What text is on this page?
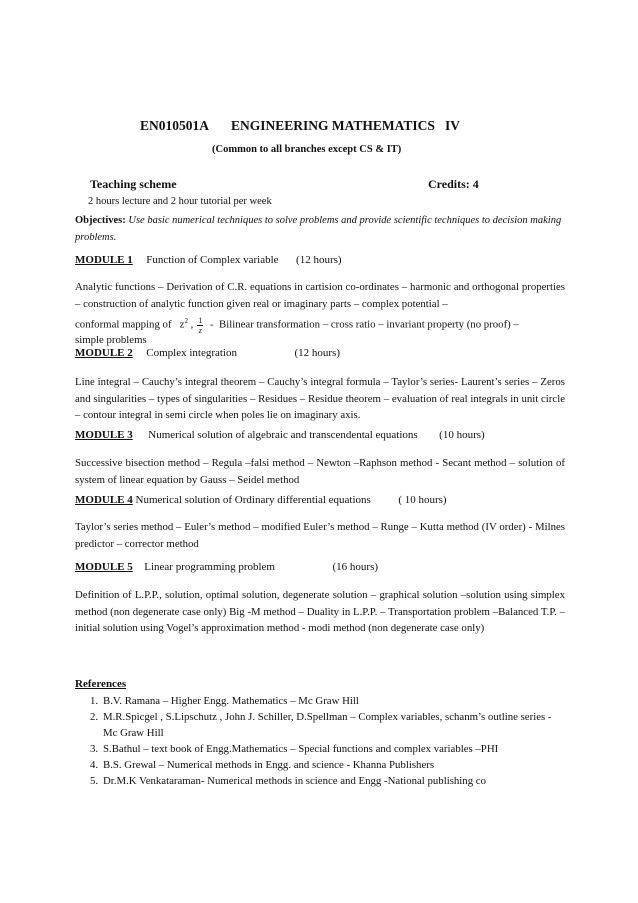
EN010501A ENGINEERING MATHEMATICS   IV
(Common to all branches except CS & IT)
Teaching scheme	Credits: 4
2 hours lecture and 2 hour tutorial per week
Objectives: Use basic numerical techniques to solve problems and provide scientific techniques to decision making problems.
MODULE 1 Function of Complex variable (12 hours)
Analytic functions – Derivation of C.R. equations in cartision co-ordinates – harmonic and orthogonal properties – construction of analytic function given real or imaginary parts – complex potential –
conformal mapping of   $z^2$ , $\frac{1}{z}$ -  Bilinear transformation – cross ratio – invariant property (no proof) –
simple problems
MODULE 2 Complex integration	(12 hours)
Line integral – Cauchy’s integral theorem – Cauchy’s integral formula – Taylor’s series- Laurent’s series – Zeros and singularities – types of singularities – Residues – Residue theorem – evaluation of real integrals in unit circle – contour integral in semi circle when poles lie on imaginary axis.
MODULE 3 Numerical solution of algebraic and transcendental equations (10 hours)
Successive bisection method – Regula –falsi method – Newton –Raphson method - Secant method – solution of system of linear equation by Gauss – Seidel method
MODULE 4 Numerical solution of Ordinary differential equations	( 10 hours)
Taylor’s series method – Euler’s method – modified Euler’s method – Runge – Kutta method (IV order) - Milnes predictor – corrector method
MODULE 5 Linear programming problem	(16 hours)
Definition of L.P.P., solution, optimal solution, degenerate solution – graphical solution –solution using simplex method (non degenerate case only) Big -M method – Duality in L.P.P. – Transportation problem –Balanced T.P. – initial solution using Vogel’s approximation method - modi method (non degenerate case only)
References
1. B.V. Ramana – Higher Engg. Mathematics – Mc Graw Hill
2. M.R.Spicgel , S.Lipschutz , John J. Schiller, D.Spellman – Complex variables, schanm’s outline series - Mc Graw Hill
3. S.Bathul – text book of Engg.Mathematics – Special functions and complex variables –PHI
4. B.S. Grewal – Numerical methods in Engg. and science - Khanna Publishers
5. Dr.M.K Venkataraman- Numerical methods in science and Engg -National publishing co
